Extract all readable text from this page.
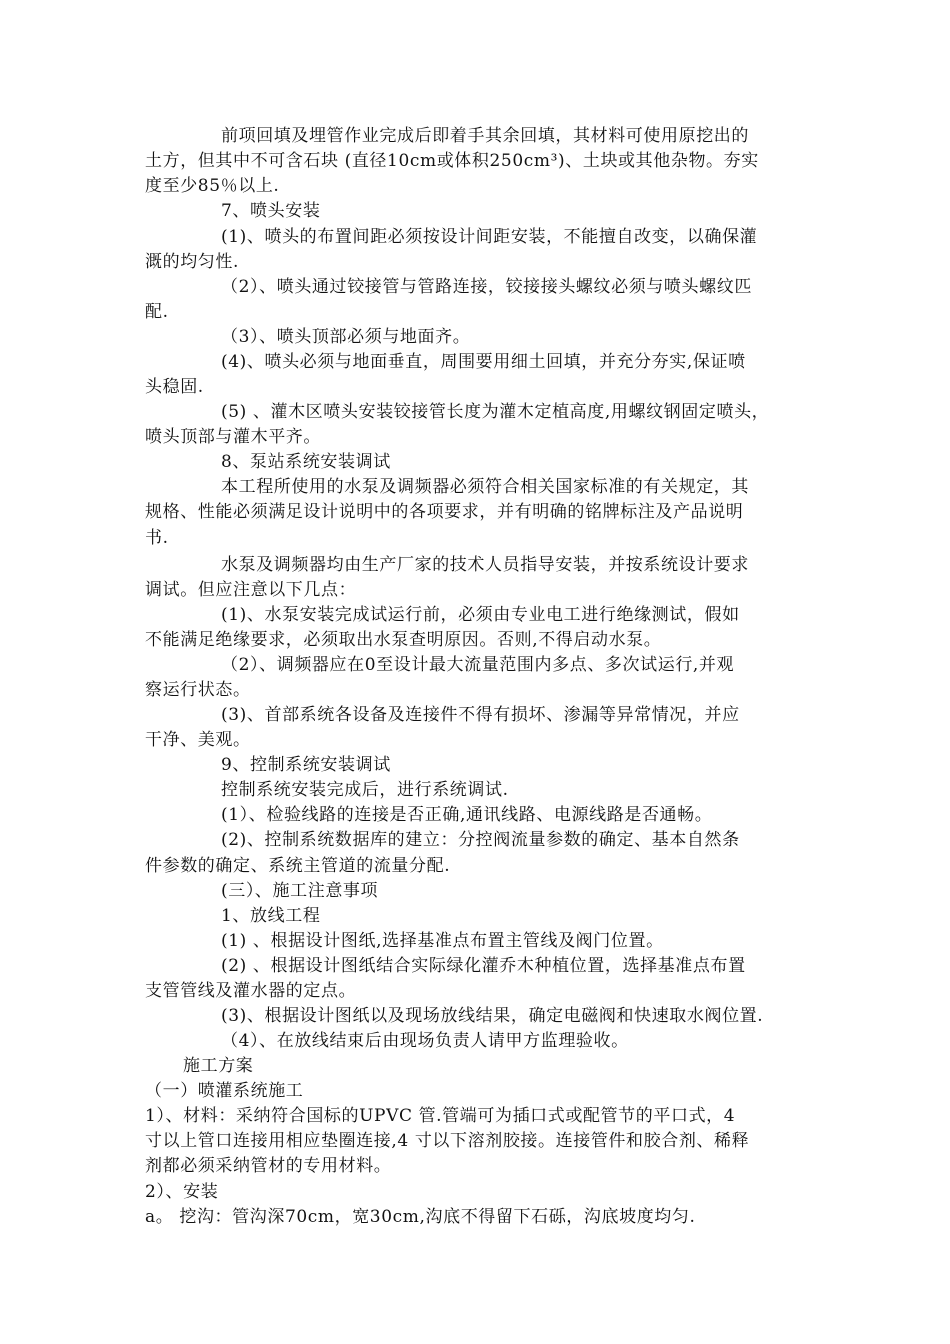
前项回填及埋管作业完成后即着手其余回填，其材料可使用原挖出的
土方，但其中不可含石块 (直径10cm或体积250cm³)、土块或其他杂物。夯实
度至少85％以上.
7、喷头安装
(1)、喷头的布置间距必须按设计间距安装，不能擅自改变，以确保灌
溉的均匀性.
（2）、喷头通过铰接管与管路连接，铰接接头螺纹必须与喷头螺纹匹
配.
（3）、喷头顶部必须与地面齐。
(4)、喷头必须与地面垂直，周围要用细土回填，并充分夯实,保证喷
头稳固.
(5) 、灌木区喷头安装铰接管长度为灌木定植高度,用螺纹钢固定喷头，
喷头顶部与灌木平齐。
8、泵站系统安装调试
本工程所使用的水泵及调频器必须符合相关国家标准的有关规定，其
规格、性能必须满足设计说明中的各项要求，并有明确的铭牌标注及产品说明
书.
水泵及调频器均由生产厂家的技术人员指导安装，并按系统设计要求
调试。但应注意以下几点：
(1)、水泵安装完成试运行前，必须由专业电工进行绝缘测试，假如
不能满足绝缘要求，必须取出水泵查明原因。否则,不得启动水泵。
（2）、调频器应在0至设计最大流量范围内多点、多次试运行,并观
察运行状态。
(3)、首部系统各设备及连接件不得有损坏、渗漏等异常情况，并应
干净、美观。
9、控制系统安装调试
控制系统安装完成后，进行系统调试.
(1）、检验线路的连接是否正确,通讯线路、电源线路是否通畅。
(2)、控制系统数据库的建立：分控阀流量参数的确定、基本自然条
件参数的确定、系统主管道的流量分配.
(三）、施工注意事项
1、放线工程
(1) 、根据设计图纸,选择基准点布置主管线及阀门位置。
(2) 、根据设计图纸结合实际绿化灌乔木种植位置，选择基准点布置
支管管线及灌水器的定点。
(3)、根据设计图纸以及现场放线结果，确定电磁阀和快速取水阀位置.
（4）、在放线结束后由现场负责人请甲方监理验收。
施工方案
（一）喷灌系统施工
1）、材料：采纳符合国标的UPVC 管.管端可为插口式或配管节的平口式，4
寸以上管口连接用相应垫圈连接,4 寸以下溶剂胶接。连接管件和胶合剂、稀释
剂都必须采纳管材的专用材料。
2）、安装
a。 挖沟：管沟深70cm，宽30cm,沟底不得留下石砾，沟底坡度均匀.
